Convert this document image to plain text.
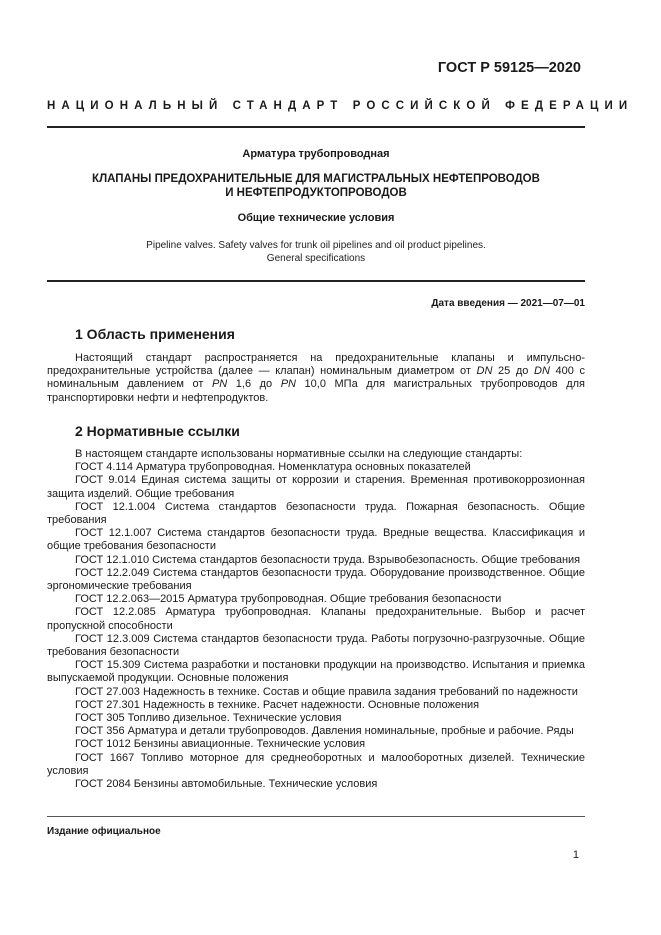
ГОСТ Р 59125—2020
НАЦИОНАЛЬНЫЙ СТАНДАРТ РОССИЙСКОЙ ФЕДЕРАЦИИ
Арматура трубопроводная
КЛАПАНЫ ПРЕДОХРАНИТЕЛЬНЫЕ ДЛЯ МАГИСТРАЛЬНЫХ НЕФТЕПРОВОДОВ
И НЕФТЕПРОДУКТОПРОВОДОВ
Общие технические условия
Pipeline valves. Safety valves for trunk oil pipelines and oil product pipelines.
General specifications
Дата введения — 2021—07—01
1 Область применения

Настоящий стандарт распространяется на предохранительные клапаны и импульсно-предохранительные устройства (далее — клапан) номинальным диаметром от DN 25 до DN 400 с номинальным давлением от PN 1,6 до PN 10,0 МПа для магистральных трубопроводов для транспортировки нефти и нефтепродуктов.

2 Нормативные ссылки

В настоящем стандарте использованы нормативные ссылки на следующие стандарты:

ГОСТ 4.114 Арматура трубопроводная. Номенклатура основных показателей

ГОСТ 9.014 Единая система защиты от коррозии и старения. Временная противокоррозионная защита изделий. Общие требования

ГОСТ 12.1.004 Система стандартов безопасности труда. Пожарная безопасность. Общие требования

ГОСТ 12.1.007 Система стандартов безопасности труда. Вредные вещества. Классификация и общие требования безопасности

ГОСТ 12.1.010 Система стандартов безопасности труда. Взрывобезопасность. Общие требования

ГОСТ 12.2.049 Система стандартов безопасности труда. Оборудование производственное. Общие эргономические требования

ГОСТ 12.2.063—2015 Арматура трубопроводная. Общие требования безопасности

ГОСТ 12.2.085 Арматура трубопроводная. Клапаны предохранительные. Выбор и расчет пропускной способности

ГОСТ 12.3.009 Система стандартов безопасности труда. Работы погрузочно-разгрузочные. Общие требования безопасности

ГОСТ 15.309 Система разработки и постановки продукции на производство. Испытания и приемка выпускаемой продукции. Основные положения

ГОСТ 27.003 Надежность в технике. Состав и общие правила задания требований по надежности

ГОСТ 27.301 Надежность в технике. Расчет надежности. Основные положения

ГОСТ 305 Топливо дизельное. Технические условия

ГОСТ 356 Арматура и детали трубопроводов. Давления номинальные, пробные и рабочие. Ряды

ГОСТ 1012 Бензины авиационные. Технические условия

ГОСТ 1667 Топливо моторное для среднеоборотных и малооборотных дизелей. Технические условия

ГОСТ 2084 Бензины автомобильные. Технические условия

Издание официальное
1
